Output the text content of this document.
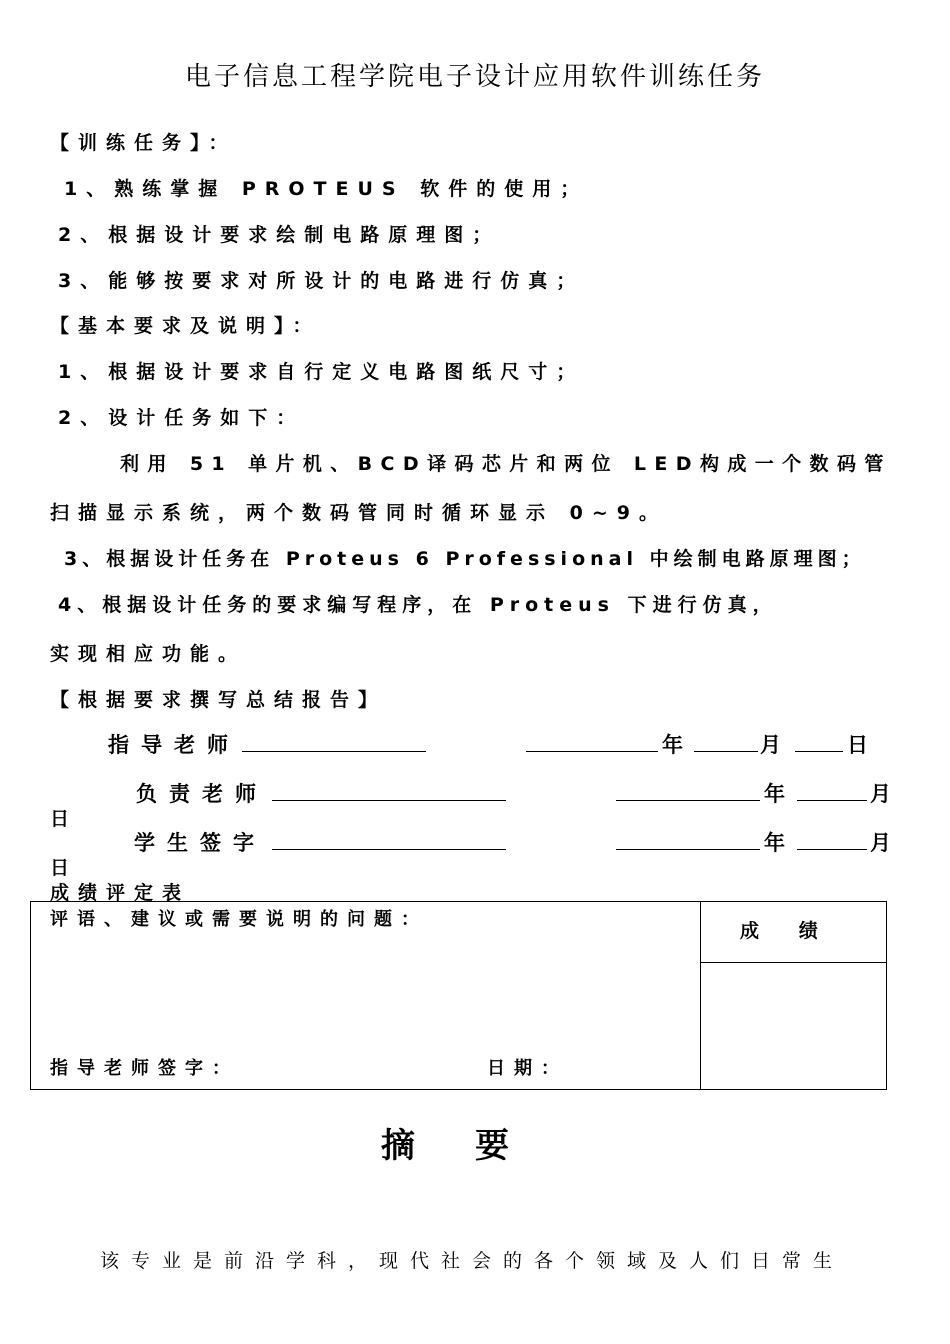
电子信息工程学院电子设计应用软件训练任务
【训练任务】：
1、熟练掌握 PROTEUS 软件的使用；
2、根据设计要求绘制电路原理图；
3、能够按要求对所设计的电路进行仿真；
【基本要求及说明】：
1、根据设计要求自行定义电路图纸尺寸；
2、设计任务如下：
利用 51 单片机、BCD译码芯片和两位 LED构成一个数码管
扫描显示系统，两个数码管同时循环显示 0~9。
3、根据设计任务在 Proteus 6 Professional 中绘制电路原理图；
4、根据设计任务的要求编写程序，在 Proteus 下进行仿真，
实现相应功能。
【根据要求撰写总结报告】
指导老师	年	月	日
负责老师	年	月
日
学生签字	年	月
日
成绩评定表
评语、建议或需要说明的问题：
成      绩
指导老师签字：	日期：
摘要
该专业是前沿学科，现代社会的各个领域及人们日常生
